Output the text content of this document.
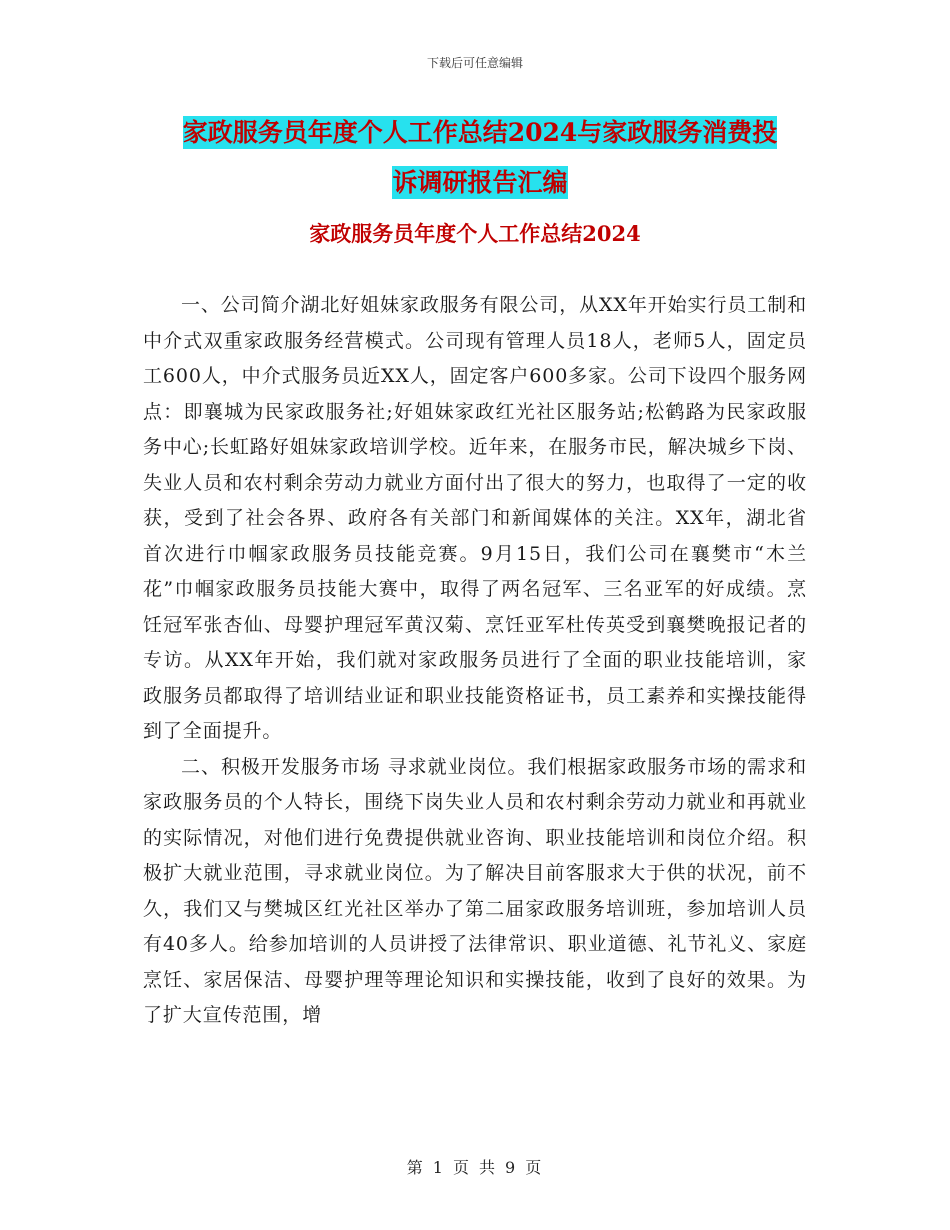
下载后可任意编辑
家政服务员年度个人工作总结2024与家政服务消费投
诉调研报告汇编
家政服务员年度个人工作总结2024

一、公司简介湖北好姐妹家政服务有限公司，从XX年开始实行员工制和中介式双重家政服务经营模式。公司现有管理人员18人，老师5人，固定员工600人，中介式服务员近XX人，固定客户600多家。公司下设四个服务网点：即襄城为民家政服务社;好姐妹家政红光社区服务站;松鹤路为民家政服务中心;长虹路好姐妹家政培训学校。近年来，在服务市民，解决城乡下岗、失业人员和农村剩余劳动力就业方面付出了很大的努力，也取得了一定的收获，受到了社会各界、政府各有关部门和新闻媒体的关注。XX年，湖北省首次进行巾帼家政服务员技能竞赛。9月15日，我们公司在襄樊市“木兰花”巾帼家政服务员技能大赛中，取得了两名冠军、三名亚军的好成绩。烹饪冠军张杏仙、母婴护理冠军黄汉菊、烹饪亚军杜传英受到襄樊晚报记者的专访。从XX年开始，我们就对家政服务员进行了全面的职业技能培训，家政服务员都取得了培训结业证和职业技能资格证书，员工素养和实操技能得到了全面提升。

二、积极开发服务市场 寻求就业岗位。我们根据家政服务市场的需求和家政服务员的个人特长，围绕下岗失业人员和农村剩余劳动力就业和再就业的实际情况，对他们进行免费提供就业咨询、职业技能培训和岗位介绍。积极扩大就业范围，寻求就业岗位。为了解决目前客服求大于供的状况，前不久，我们又与樊城区红光社区举办了第二届家政服务培训班，参加培训人员有40多人。给参加培训的人员讲授了法律常识、职业道德、礼节礼义、家庭烹饪、家居保洁、母婴护理等理论知识和实操技能，收到了良好的效果。为了扩大宣传范围，增

第 1 页 共 9 页
